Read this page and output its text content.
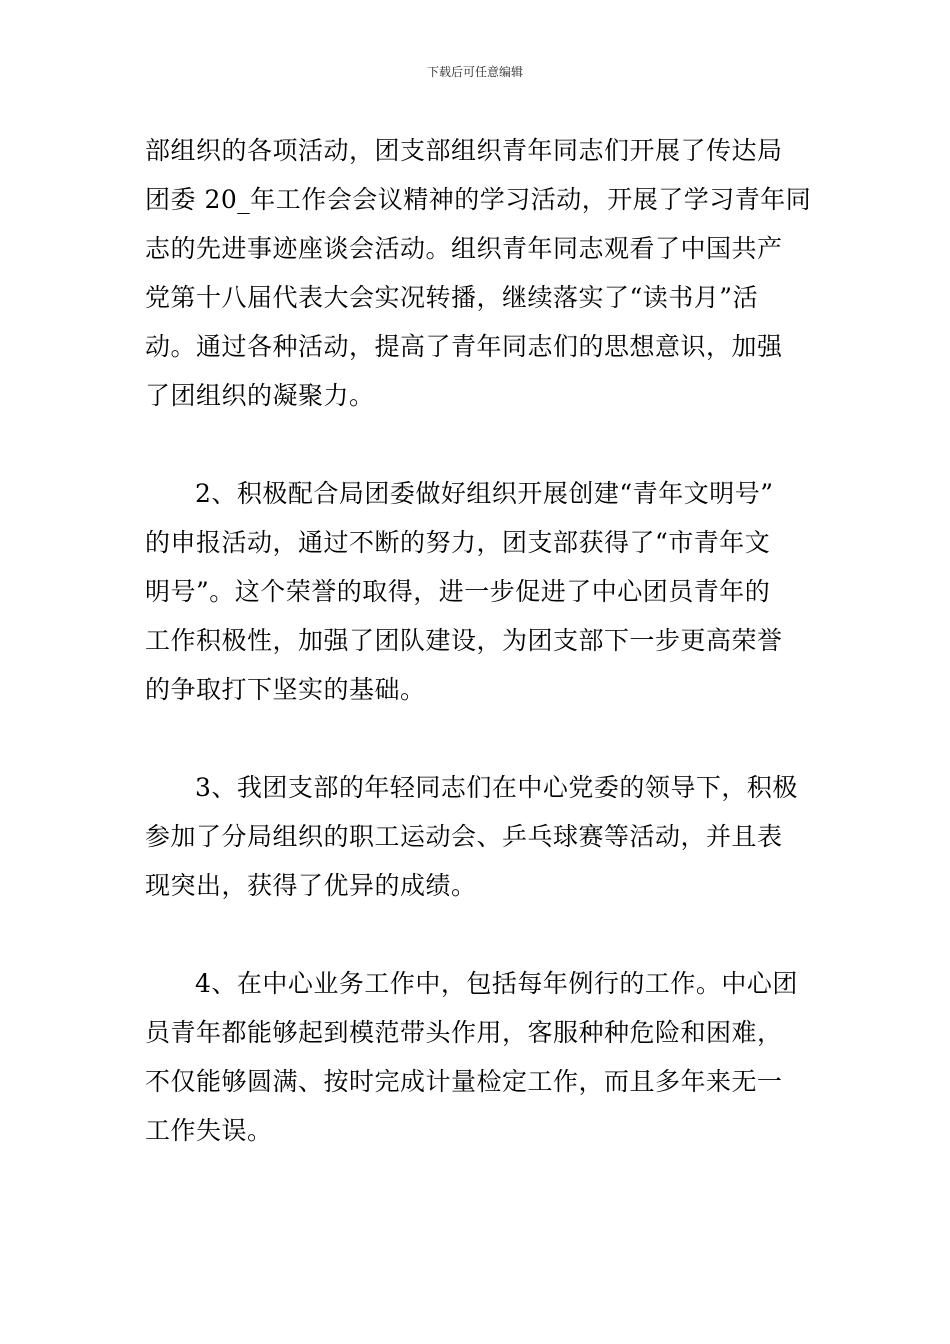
下载后可任意编辑

部组织的各项活动，团支部组织青年同志们开展了传达局
团委 20_年工作会会议精神的学习活动，开展了学习青年同
志的先进事迹座谈会活动。组织青年同志观看了中国共产
党第十八届代表大会实况转播，继续落实了“读书月”活
动。通过各种活动，提高了青年同志们的思想意识，加强
了团组织的凝聚力。

2、积极配合局团委做好组织开展创建“青年文明号”
的申报活动，通过不断的努力，团支部获得了“市青年文
明号”。这个荣誉的取得，进一步促进了中心团员青年的
工作积极性，加强了团队建设，为团支部下一步更高荣誉
的争取打下坚实的基础。

3、我团支部的年轻同志们在中心党委的领导下，积极
参加了分局组织的职工运动会、乒乓球赛等活动，并且表
现突出，获得了优异的成绩。

4、在中心业务工作中，包括每年例行的工作。中心团
员青年都能够起到模范带头作用，客服种种危险和困难，
不仅能够圆满、按时完成计量检定工作，而且多年来无一
工作失误。
